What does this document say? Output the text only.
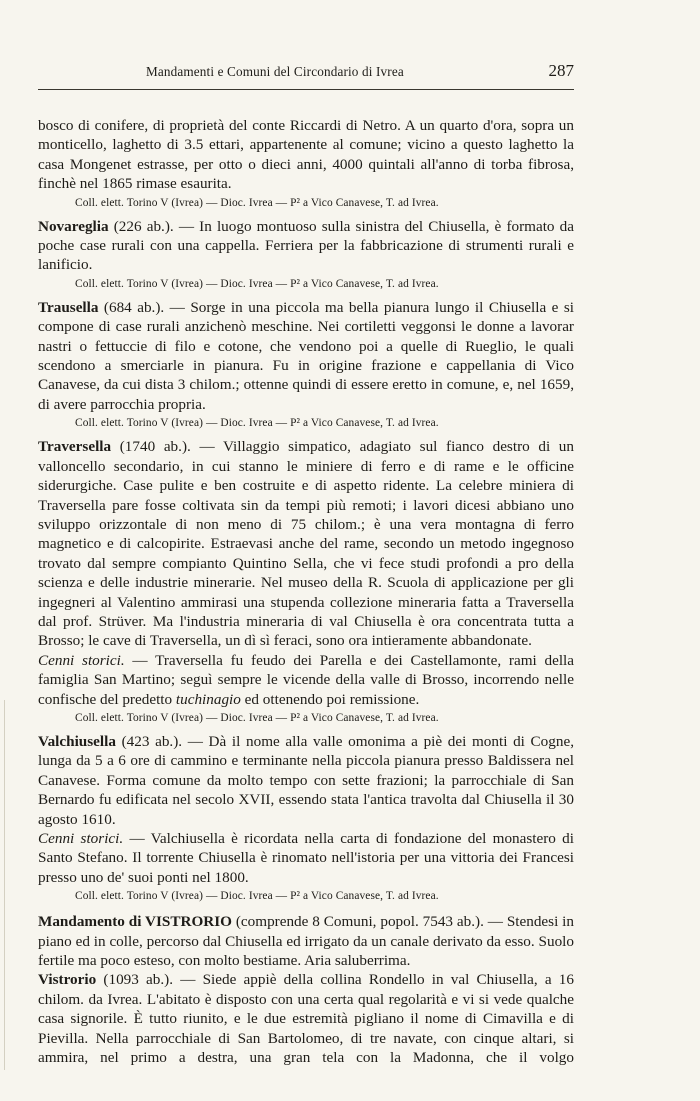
Mandamenti e Comuni del Circondario di Ivrea	287

bosco di conifere, di proprietà del conte Riccardi di Netro. A un quarto d'ora, sopra un monticello, laghetto di 3.5 ettari, appartenente al comune; vicino a questo laghetto la casa Mongenet estrasse, per otto o dieci anni, 4000 quintali all'anno di torba fibrosa, finchè nel 1865 rimase esaurita.

Coll. elett. Torino V (Ivrea) — Dioc. Ivrea — P² a Vico Canavese, T. ad Ivrea.

Novareglia (226 ab.). — In luogo montuoso sulla sinistra del Chiusella, è formato da poche case rurali con una cappella. Ferriera per la fabbricazione di strumenti rurali e lanificio.

Coll. elett. Torino V (Ivrea) — Dioc. Ivrea — P² a Vico Canavese, T. ad Ivrea.

Trausella (684 ab.). — Sorge in una piccola ma bella pianura lungo il Chiusella e si compone di case rurali anzichenò meschine. Nei cortiletti veggonsi le donne a lavorar nastri o fettuccie di filo e cotone, che vendono poi a quelle di Rueglio, le quali scendono a smerciarle in pianura. Fu in origine frazione e cappellania di Vico Canavese, da cui dista 3 chilom.; ottenne quindi di essere eretto in comune, e, nel 1659, di avere parrocchia propria.

Coll. elett. Torino V (Ivrea) — Dioc. Ivrea — P² a Vico Canavese, T. ad Ivrea.

Traversella (1740 ab.). — Villaggio simpatico, adagiato sul fianco destro di un valloncello secondario, in cui stanno le miniere di ferro e di rame e le officine siderurgiche. Case pulite e ben costruite e di aspetto ridente. La celebre miniera di Traversella pare fosse coltivata sin da tempi più remoti; i lavori dicesi abbiano uno sviluppo orizzontale di non meno di 75 chilom.; è una vera montagna di ferro magnetico e di calcopirite. Estraevasi anche del rame, secondo un metodo ingegnoso trovato dal sempre compianto Quintino Sella, che vi fece studi profondi a pro della scienza e delle industrie minerarie. Nel museo della R. Scuola di applicazione per gli ingegneri al Valentino ammirasi una stupenda collezione mineraria fatta a Traversella dal prof. Strüver. Ma l'industria mineraria di val Chiusella è ora concentrata tutta a Brosso; le cave di Traversella, un dì sì feraci, sono ora intieramente abbandonate.

Cenni storici. — Traversella fu feudo dei Parella e dei Castellamonte, rami della famiglia San Martino; seguì sempre le vicende della valle di Brosso, incorrendo nelle confische del predetto tuchinagio ed ottenendo poi remissione.

Coll. elett. Torino V (Ivrea) — Dioc. Ivrea — P² a Vico Canavese, T. ad Ivrea.

Valchiusella (423 ab.). — Dà il nome alla valle omonima a piè dei monti di Cogne, lunga da 5 a 6 ore di cammino e terminante nella piccola pianura presso Baldissera nel Canavese. Forma comune da molto tempo con sette frazioni; la parrocchiale di San Bernardo fu edificata nel secolo XVII, essendo stata l'antica travolta dal Chiusella il 30 agosto 1610.

Cenni storici. — Valchiusella è ricordata nella carta di fondazione del monastero di Santo Stefano. Il torrente Chiusella è rinomato nell'istoria per una vittoria dei Francesi presso uno de' suoi ponti nel 1800.

Coll. elett. Torino V (Ivrea) — Dioc. Ivrea — P² a Vico Canavese, T. ad Ivrea.

Mandamento di VISTRORIO (comprende 8 Comuni, popol. 7543 ab.). — Stendesi in piano ed in colle, percorso dal Chiusella ed irrigato da un canale derivato da esso. Suolo fertile ma poco esteso, con molto bestiame. Aria saluberrima.

Vistrorio (1093 ab.). — Siede appiè della collina Rondello in val Chiusella, a 16 chilom. da Ivrea. L'abitato è disposto con una certa qual regolarità e vi si vede qualche casa signorile. È tutto riunito, e le due estremità pigliano il nome di Cimavilla e di Pievilla. Nella parrocchiale di San Bartolomeo, di tre navate, con cinque altari, si ammira, nel primo a destra, una gran tela con la Madonna, che il volgo
